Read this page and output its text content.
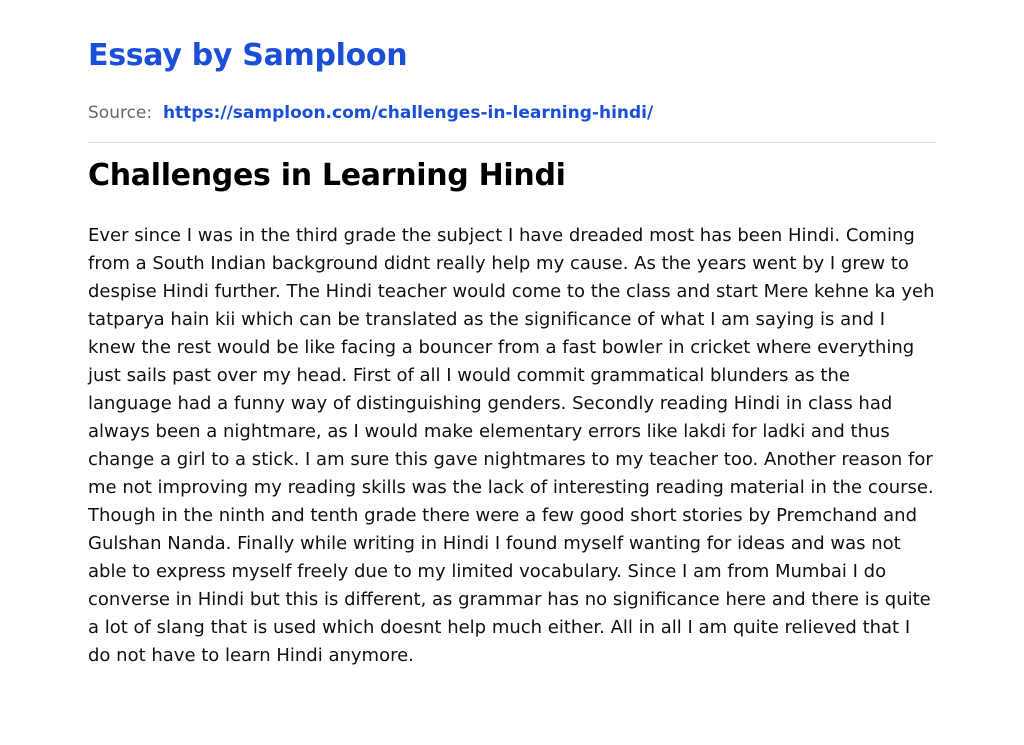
Essay by Samploon
Source:  https://samploon.com/challenges-in-learning-hindi/
Challenges in Learning Hindi

Ever since I was in the third grade the subject I have dreaded most has been Hindi. Coming from a South Indian background didnt really help my cause. As the years went by I grew to despise Hindi further. The Hindi teacher would come to the class and start Mere kehne ka yeh tatparya hain kii which can be translated as the significance of what I am saying is and I knew the rest would be like facing a bouncer from a fast bowler in cricket where everything just sails past over my head. First of all I would commit grammatical blunders as the language had a funny way of distinguishing genders. Secondly reading Hindi in class had always been a nightmare, as I would make elementary errors like lakdi for ladki and thus change a girl to a stick. I am sure this gave nightmares to my teacher too. Another reason for me not improving my reading skills was the lack of interesting reading material in the course. Though in the ninth and tenth grade there were a few good short stories by Premchand and Gulshan Nanda. Finally while writing in Hindi I found myself wanting for ideas and was not able to express myself freely due to my limited vocabulary. Since I am from Mumbai I do converse in Hindi but this is different, as grammar has no significance here and there is quite a lot of slang that is used which doesnt help much either. All in all I am quite relieved that I do not have to learn Hindi anymore.
